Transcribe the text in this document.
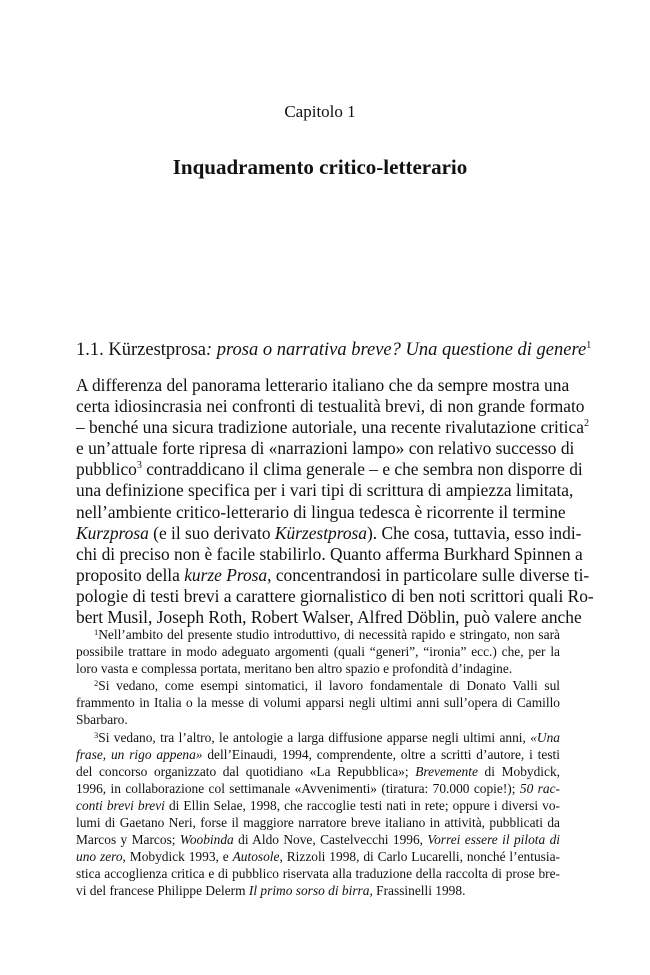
Capitolo 1
Inquadramento critico-letterario
1.1. Kürzestprosa: prosa o narrativa breve? Una questione di genere$^1$
A differenza del panorama letterario italiano che da sempre mostra una
certa idiosincrasia nei confronti di testualità brevi, di non grande formato
– benché una sicura tradizione autoriale, una recente rivalutazione critica$^2$
e un’attuale forte ripresa di «narrazioni lampo» con relativo successo di
pubblico$^3$ contraddicano il clima generale – e che sembra non disporre di
una definizione specifica per i vari tipi di scrittura di ampiezza limitata,
nell’ambiente critico-letterario di lingua tedesca è ricorrente il termine
Kurzprosa (e il suo derivato Kürzestprosa). Che cosa, tuttavia, esso indi-
chi di preciso non è facile stabilirlo. Quanto afferma Burkhard Spinnen a
proposito della kurze Prosa, concentrandosi in particolare sulle diverse ti-
pologie di testi brevi a carattere giornalistico di ben noti scrittori quali Ro-
bert Musil, Joseph Roth, Robert Walser, Alfred Döblin, può valere anche
$^1$Nell’ambito del presente studio introduttivo, di necessità rapido e stringato, non sarà
possibile trattare in modo adeguato argomenti (quali “generi”, “ironia” ecc.) che, per la
loro vasta e complessa portata, meritano ben altro spazio e profondità d’indagine.
$^2$Si vedano, come esempi sintomatici, il lavoro fondamentale di Donato Valli sul
frammento in Italia o la messe di volumi apparsi negli ultimi anni sull’opera di Camillo
Sbarbaro.
$^3$Si vedano, tra l’altro, le antologie a larga diffusione apparse negli ultimi anni, «Una
frase, un rigo appena» dell’Einaudi, 1994, comprendente, oltre a scritti d’autore, i testi
del concorso organizzato dal quotidiano «La Repubblica»; Brevemente di Mobydick,
1996, in collaborazione col settimanale «Avvenimenti» (tiratura: 70.000 copie!); 50 rac-
conti brevi brevi di Ellin Selae, 1998, che raccoglie testi nati in rete; oppure i diversi vo-
lumi di Gaetano Neri, forse il maggiore narratore breve italiano in attività, pubblicati da
Marcos y Marcos; Woobinda di Aldo Nove, Castelvecchi 1996, Vorrei essere il pilota di
uno zero, Mobydick 1993, e Autosole, Rizzoli 1998, di Carlo Lucarelli, nonché l’entusia-
stica accoglienza critica e di pubblico riservata alla traduzione della raccolta di prose bre-
vi del francese Philippe Delerm Il primo sorso di birra, Frassinelli 1998.
